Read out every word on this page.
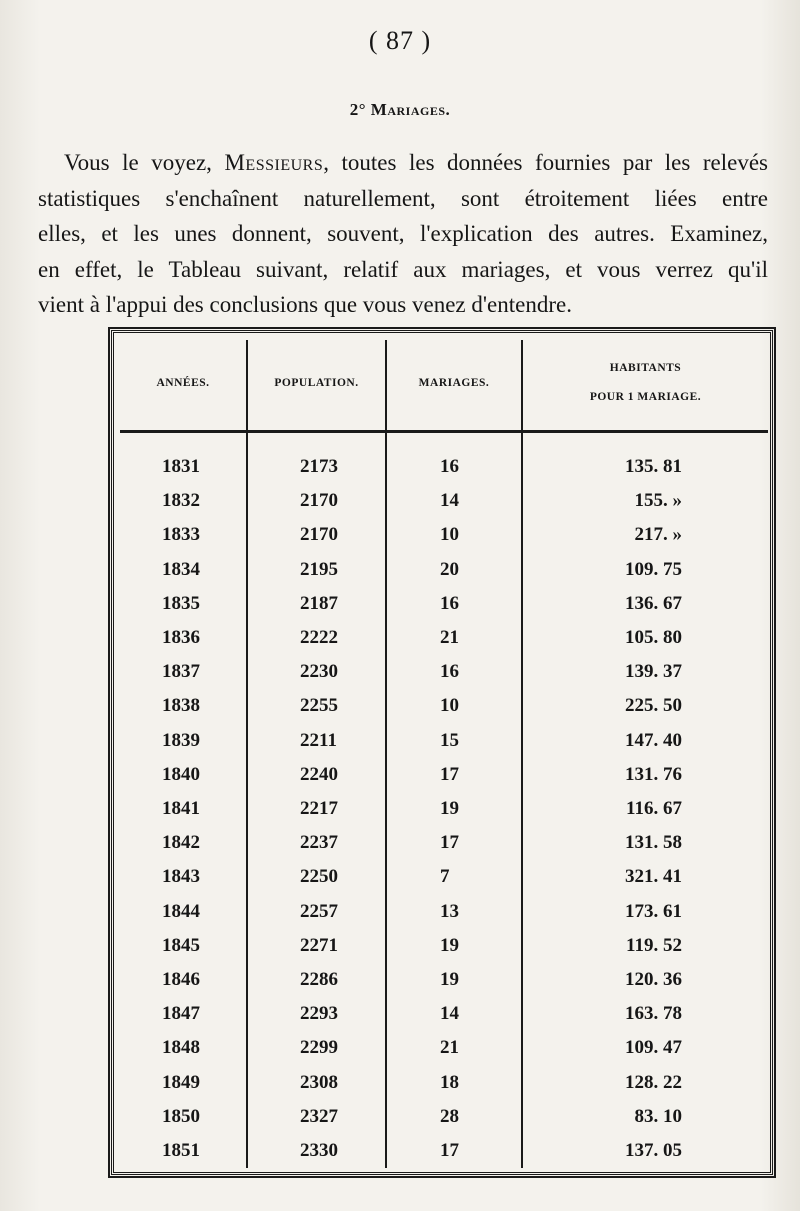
( 87 )
2° Mariages.
Vous le voyez, Messieurs, toutes les données fournies par les relevés
statistiques s'enchaînent naturellement, sont étroitement liées entre
elles, et les unes donnent, souvent, l'explication des autres. Examinez,
en effet, le Tableau suivant, relatif aux mariages, et vous verrez qu'il
vient à l'appui des conclusions que vous venez d'entendre.
ANNÉES.	POPULATION.	MARIAGES.
HABITANTS
POUR 1 MARIAGE.
1831	2173	16	135. 81
1832	2170	14	155. »
1833	2170	10	217. »
1834	2195	20	109. 75
1835	2187	16	136. 67
1836	2222	21	105. 80
1837	2230	16	139. 37
1838	2255	10	225. 50
1839	2211	15	147. 40
1840	2240	17	131. 76
1841	2217	19	116. 67
1842	2237	17	131. 58
1843	2250	7	321. 41
1844	2257	13	173. 61
1845	2271	19	119. 52
1846	2286	19	120. 36
1847	2293	14	163. 78
1848	2299	21	109. 47
1849	2308	18	128. 22
1850	2327	28	83. 10
1851	2330	17	137. 05
